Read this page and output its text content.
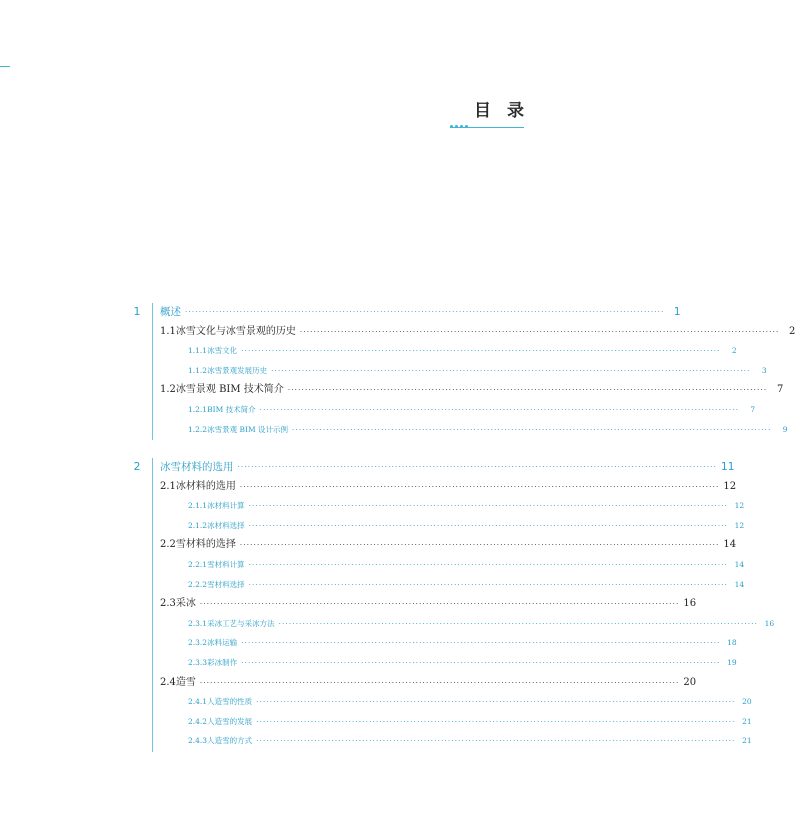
目录
1	概述 ············································································································································ 1
1.1 冰雪文化与冰雪景观的历史 ············································································································································ 2
1.1.1 冰雪文化 ············································································································································	2
1.1.2 冰雪景观发展历史 ············································································································································	3
1.2 冰雪景观 BIM 技术简介 ············································································································································ 7
1.2.1 BIM 技术简介 ············································································································································	7
1.2.2 冰雪景观 BIM 设计示例 ············································································································································	9
2	冰雪材料的选用 ············································································································································ 11
2.1 冰材料的选用 ············································································································································ 12
2.1.1 冰材料计算 ············································································································································ 12
2.1.2 冰材料选择 ············································································································································ 12
2.2 雪材料的选择 ············································································································································ 14
2.2.1 雪材料计算 ············································································································································ 14
2.2.2 雪材料选择 ············································································································································ 14
2.3 采冰 ············································································································································ 16
2.3.1 采冰工艺与采冰方法 ············································································································································ 16
2.3.2 冰料运输 ············································································································································ 18
2.3.3 彩冰制作 ············································································································································ 19
2.4 造雪 ············································································································································ 20
2.4.1 人造雪的性质 ············································································································································ 20
2.4.2 人造雪的发展 ············································································································································ 21
2.4.3 人造雪的方式 ············································································································································ 21
